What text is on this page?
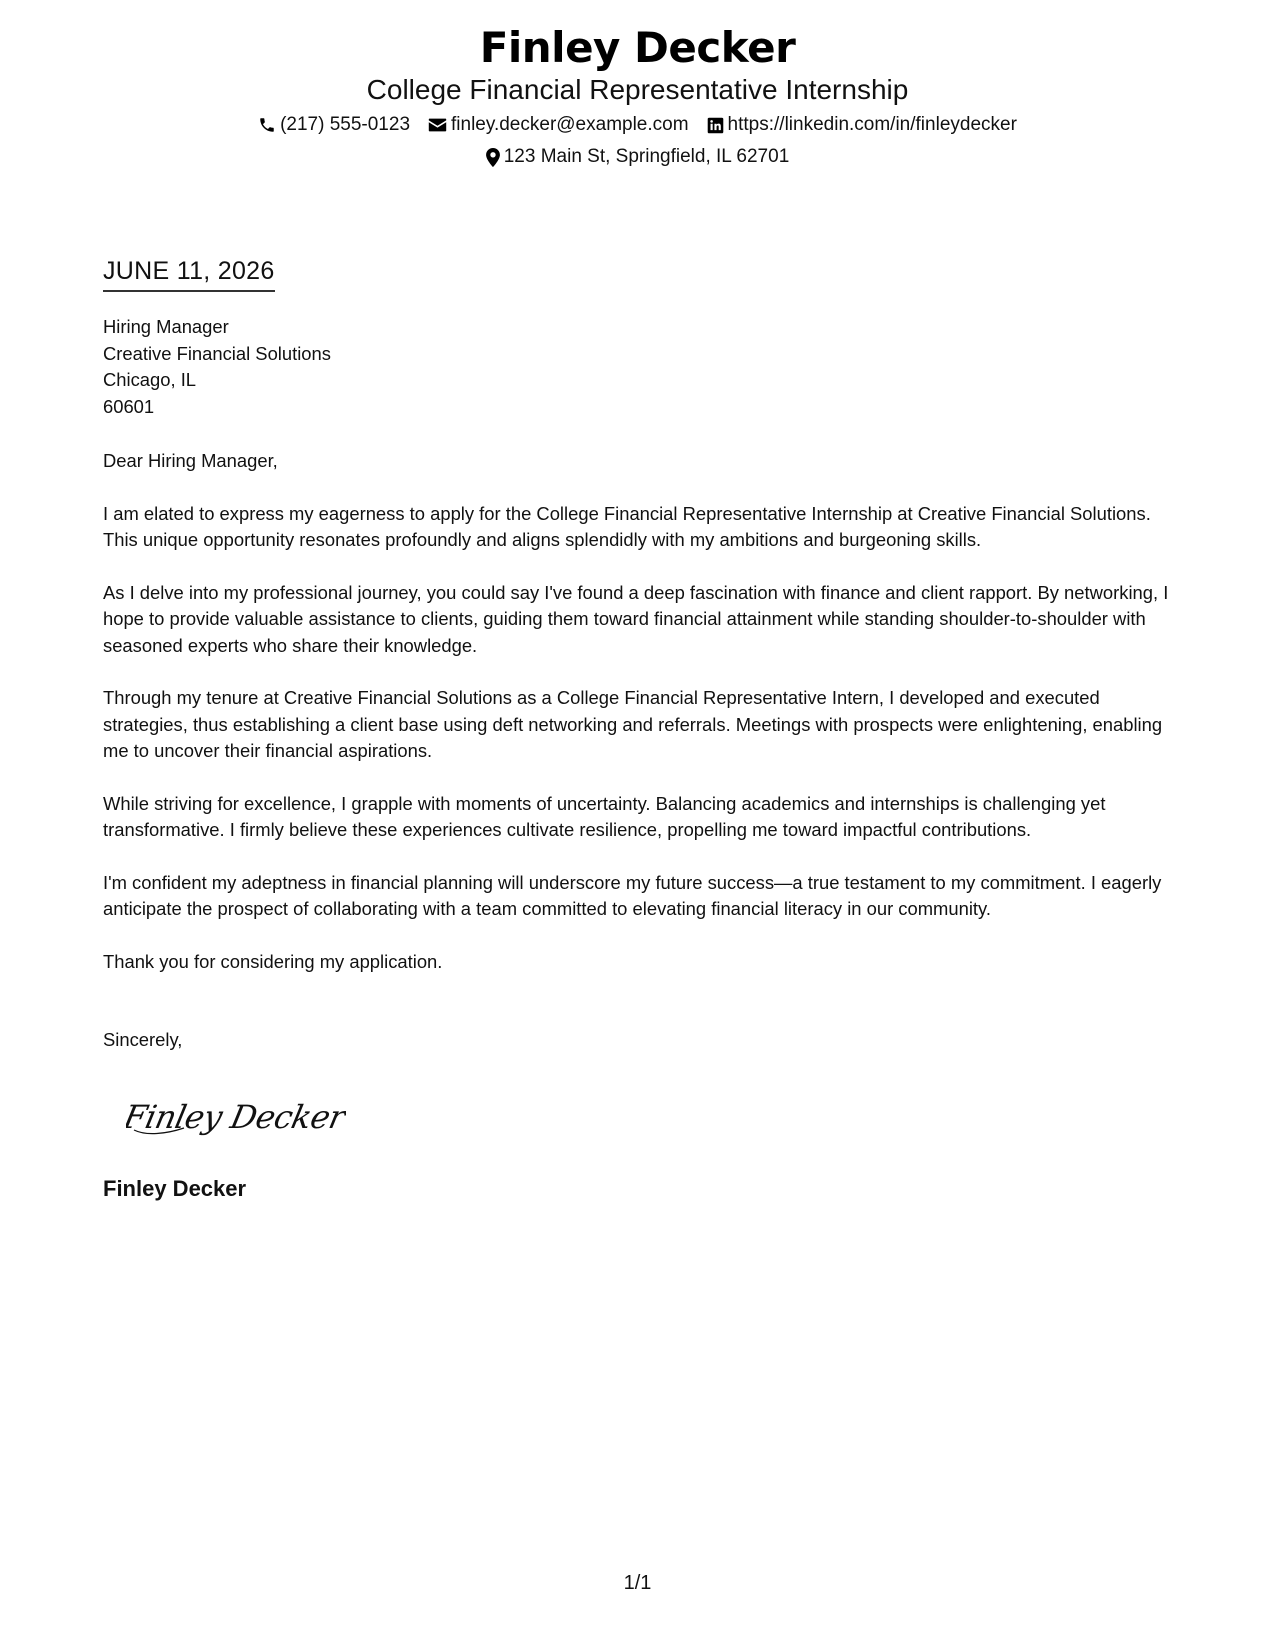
Finley Decker
College Financial Representative Internship
(217) 555-0123 finley.decker@example.com https://linkedin.com/in/finleydecker
123 Main St, Springfield, IL 62701
JUNE 11, 2026
Hiring Manager
Creative Financial Solutions
Chicago, IL
60601
Dear Hiring Manager,
I am elated to express my eagerness to apply for the College Financial Representative Internship at Creative Financial Solutions. This unique opportunity resonates profoundly and aligns splendidly with my ambitions and burgeoning skills.
As I delve into my professional journey, you could say I've found a deep fascination with finance and client rapport. By networking, I hope to provide valuable assistance to clients, guiding them toward financial attainment while standing shoulder-to-shoulder with seasoned experts who share their knowledge.
Through my tenure at Creative Financial Solutions as a College Financial Representative Intern, I developed and executed strategies, thus establishing a client base using deft networking and referrals. Meetings with prospects were enlightening, enabling me to uncover their financial aspirations.
While striving for excellence, I grapple with moments of uncertainty. Balancing academics and internships is challenging yet transformative. I firmly believe these experiences cultivate resilience, propelling me toward impactful contributions.
I'm confident my adeptness in financial planning will underscore my future success—a true testament to my commitment. I eagerly anticipate the prospect of collaborating with a team committed to elevating financial literacy in our community.
Thank you for considering my application.
Sincerely,
Finley Decker
Finley Decker
1/1
